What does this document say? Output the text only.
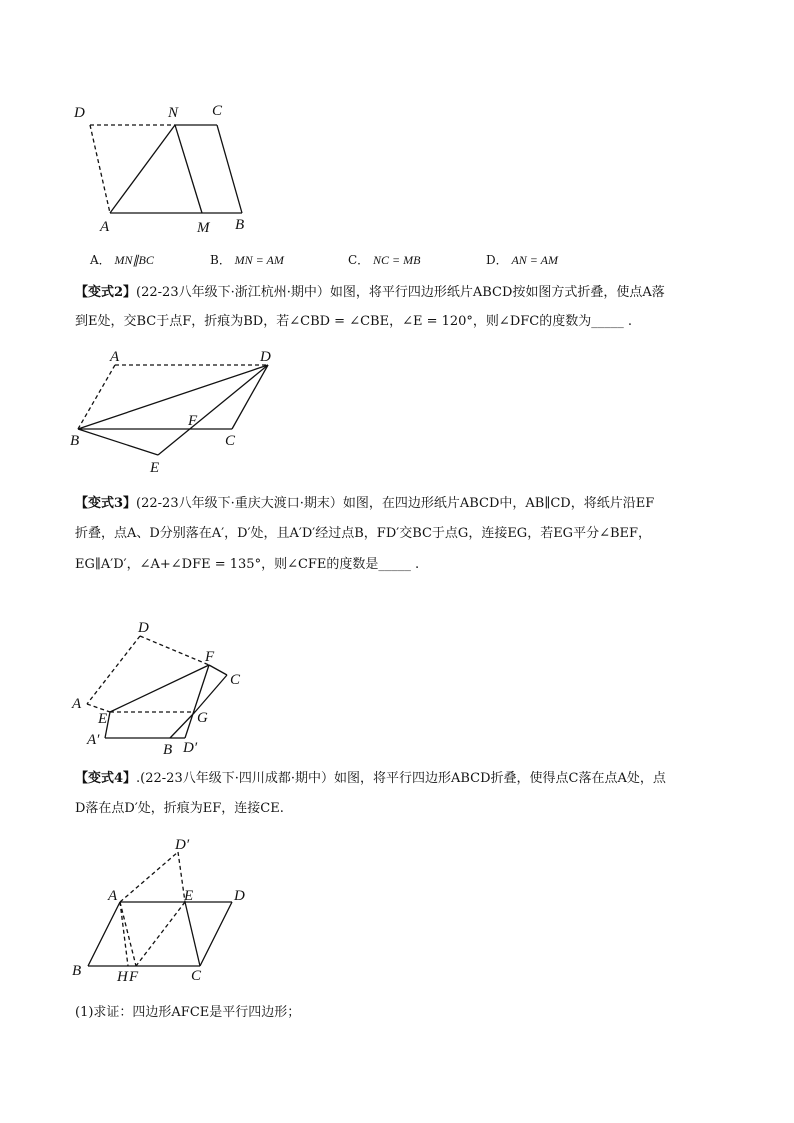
D	N C
A	M B
A． MN∥BC	B． MN = AM	C． NC = MB	D． AN = AM
【变式2】(22-23八年级下·浙江杭州·期中）如图，将平行四边形纸片ABCD按如图方式折叠，使点A落
到E处，交BC于点F，折痕为BD，若∠CBD = ∠CBE，∠E = 120°，则∠DFC的度数为_____ .
A	D
F
B	C
E
【变式3】(22-23八年级下·重庆大渡口·期末）如图，在四边形纸片ABCD中，AB∥CD，将纸片沿EF
折叠，点A、D分别落在A′，D′处，且A′D′经过点B，FD′交BC于点G，连接EG，若EG平分∠BEF，
EG∥A′D′，∠A+∠DFE = 135°，则∠CFE的度数是_____ .
D
F
C
A
E	G
A′
B D′
【变式4】.(22-23八年级下·四川成都·期中）如图，将平行四边形ABCD折叠，使得点C落在点A处，点
D落在点D′处，折痕为EF，连接CE.
D′
A	E	D
B H F	C
(1)求证：四边形AFCE是平行四边形；
